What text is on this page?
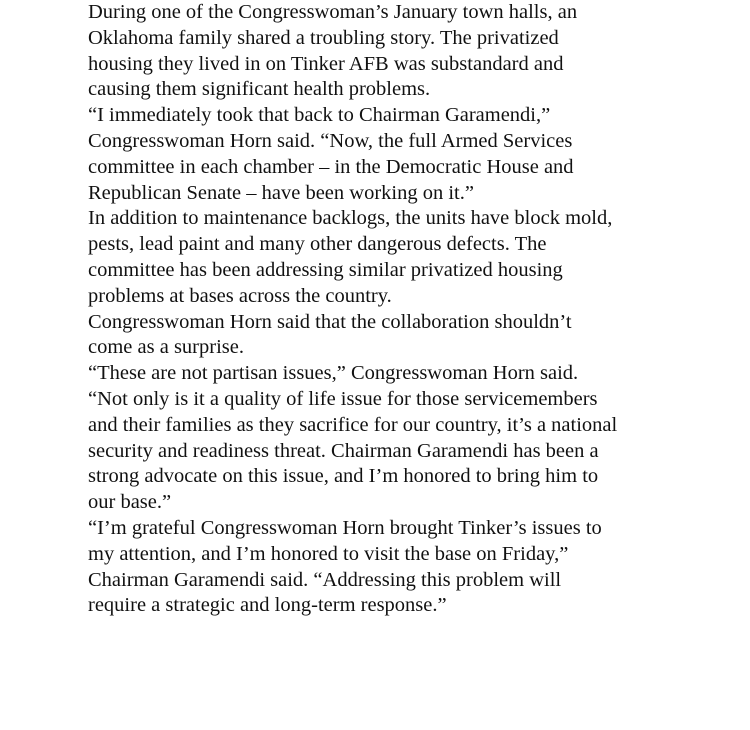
During one of the Congresswoman’s January town halls, an
Oklahoma family shared a troubling story. The privatized
housing they lived in on Tinker AFB was substandard and
causing them significant health problems.

“I immediately took that back to Chairman Garamendi,”
Congresswoman Horn said. “Now, the full Armed Services
committee in each chamber – in the Democratic House and
Republican Senate – have been working on it.”

In addition to maintenance backlogs, the units have block mold,
pests, lead paint and many other dangerous defects. The
committee has been addressing similar privatized housing
problems at bases across the country.

Congresswoman Horn said that the collaboration shouldn’t
come as a surprise.

“These are not partisan issues,” Congresswoman Horn said.
“Not only is it a quality of life issue for those servicemembers
and their families as they sacrifice for our country, it’s a national
security and readiness threat. Chairman Garamendi has been a
strong advocate on this issue, and I’m honored to bring him to
our base.”

“I’m grateful Congresswoman Horn brought Tinker’s issues to
my attention, and I’m honored to visit the base on Friday,”
Chairman Garamendi said. “Addressing this problem will
require a strategic and long-term response.”
